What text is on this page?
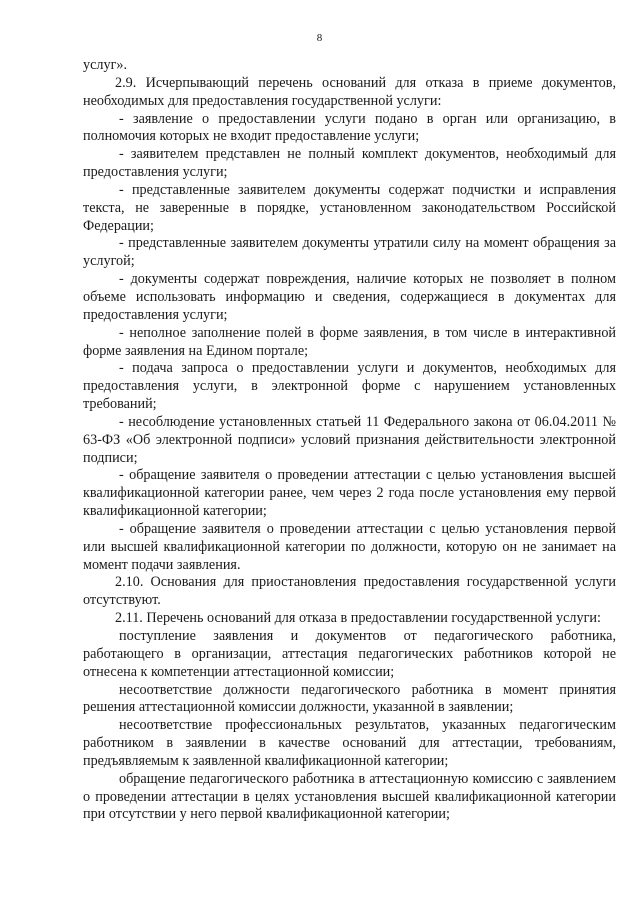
8

услуг».

2.9. Исчерпывающий перечень оснований для отказа в приеме документов, необходимых для предоставления государственной услуги:

- заявление о предоставлении услуги подано в орган или организацию, в полномочия которых не входит предоставление услуги;

- заявителем представлен не полный комплект документов, необходимый для предоставления услуги;

- представленные заявителем документы содержат подчистки и исправления текста, не заверенные в порядке, установленном законодательством Российской Федерации;

- представленные заявителем документы утратили силу на момент обращения за услугой;

- документы содержат повреждения, наличие которых не позволяет в полном объеме использовать информацию и сведения, содержащиеся в документах для предоставления услуги;

- неполное заполнение полей в форме заявления, в том числе в интерактивной форме заявления на Едином портале;

- подача запроса о предоставлении услуги и документов, необходимых для предоставления услуги, в электронной форме с нарушением установленных требований;

- несоблюдение установленных статьей 11 Федерального закона от 06.04.2011 № 63-ФЗ «Об электронной подписи» условий признания действительности электронной подписи;

- обращение заявителя о проведении аттестации с целью установления высшей квалификационной категории ранее, чем через 2 года после установления ему первой квалификационной категории;

- обращение заявителя о проведении аттестации с целью установления первой или высшей квалификационной категории по должности, которую он не занимает на момент подачи заявления.

2.10. Основания для приостановления предоставления государственной услуги отсутствуют.

2.11. Перечень оснований для отказа в предоставлении государственной услуги:

поступление заявления и документов от педагогического работника, работающего в организации, аттестация педагогических работников которой не отнесена к компетенции аттестационной комиссии;

несоответствие должности педагогического работника в момент принятия решения аттестационной комиссии должности, указанной в заявлении;

несоответствие профессиональных результатов, указанных педагогическим работником в заявлении в качестве оснований для аттестации, требованиям, предъявляемым к заявленной квалификационной категории;

обращение педагогического работника в аттестационную комиссию с заявлением о проведении аттестации в целях установления высшей квалификационной категории при отсутствии у него первой квалификационной категории;
